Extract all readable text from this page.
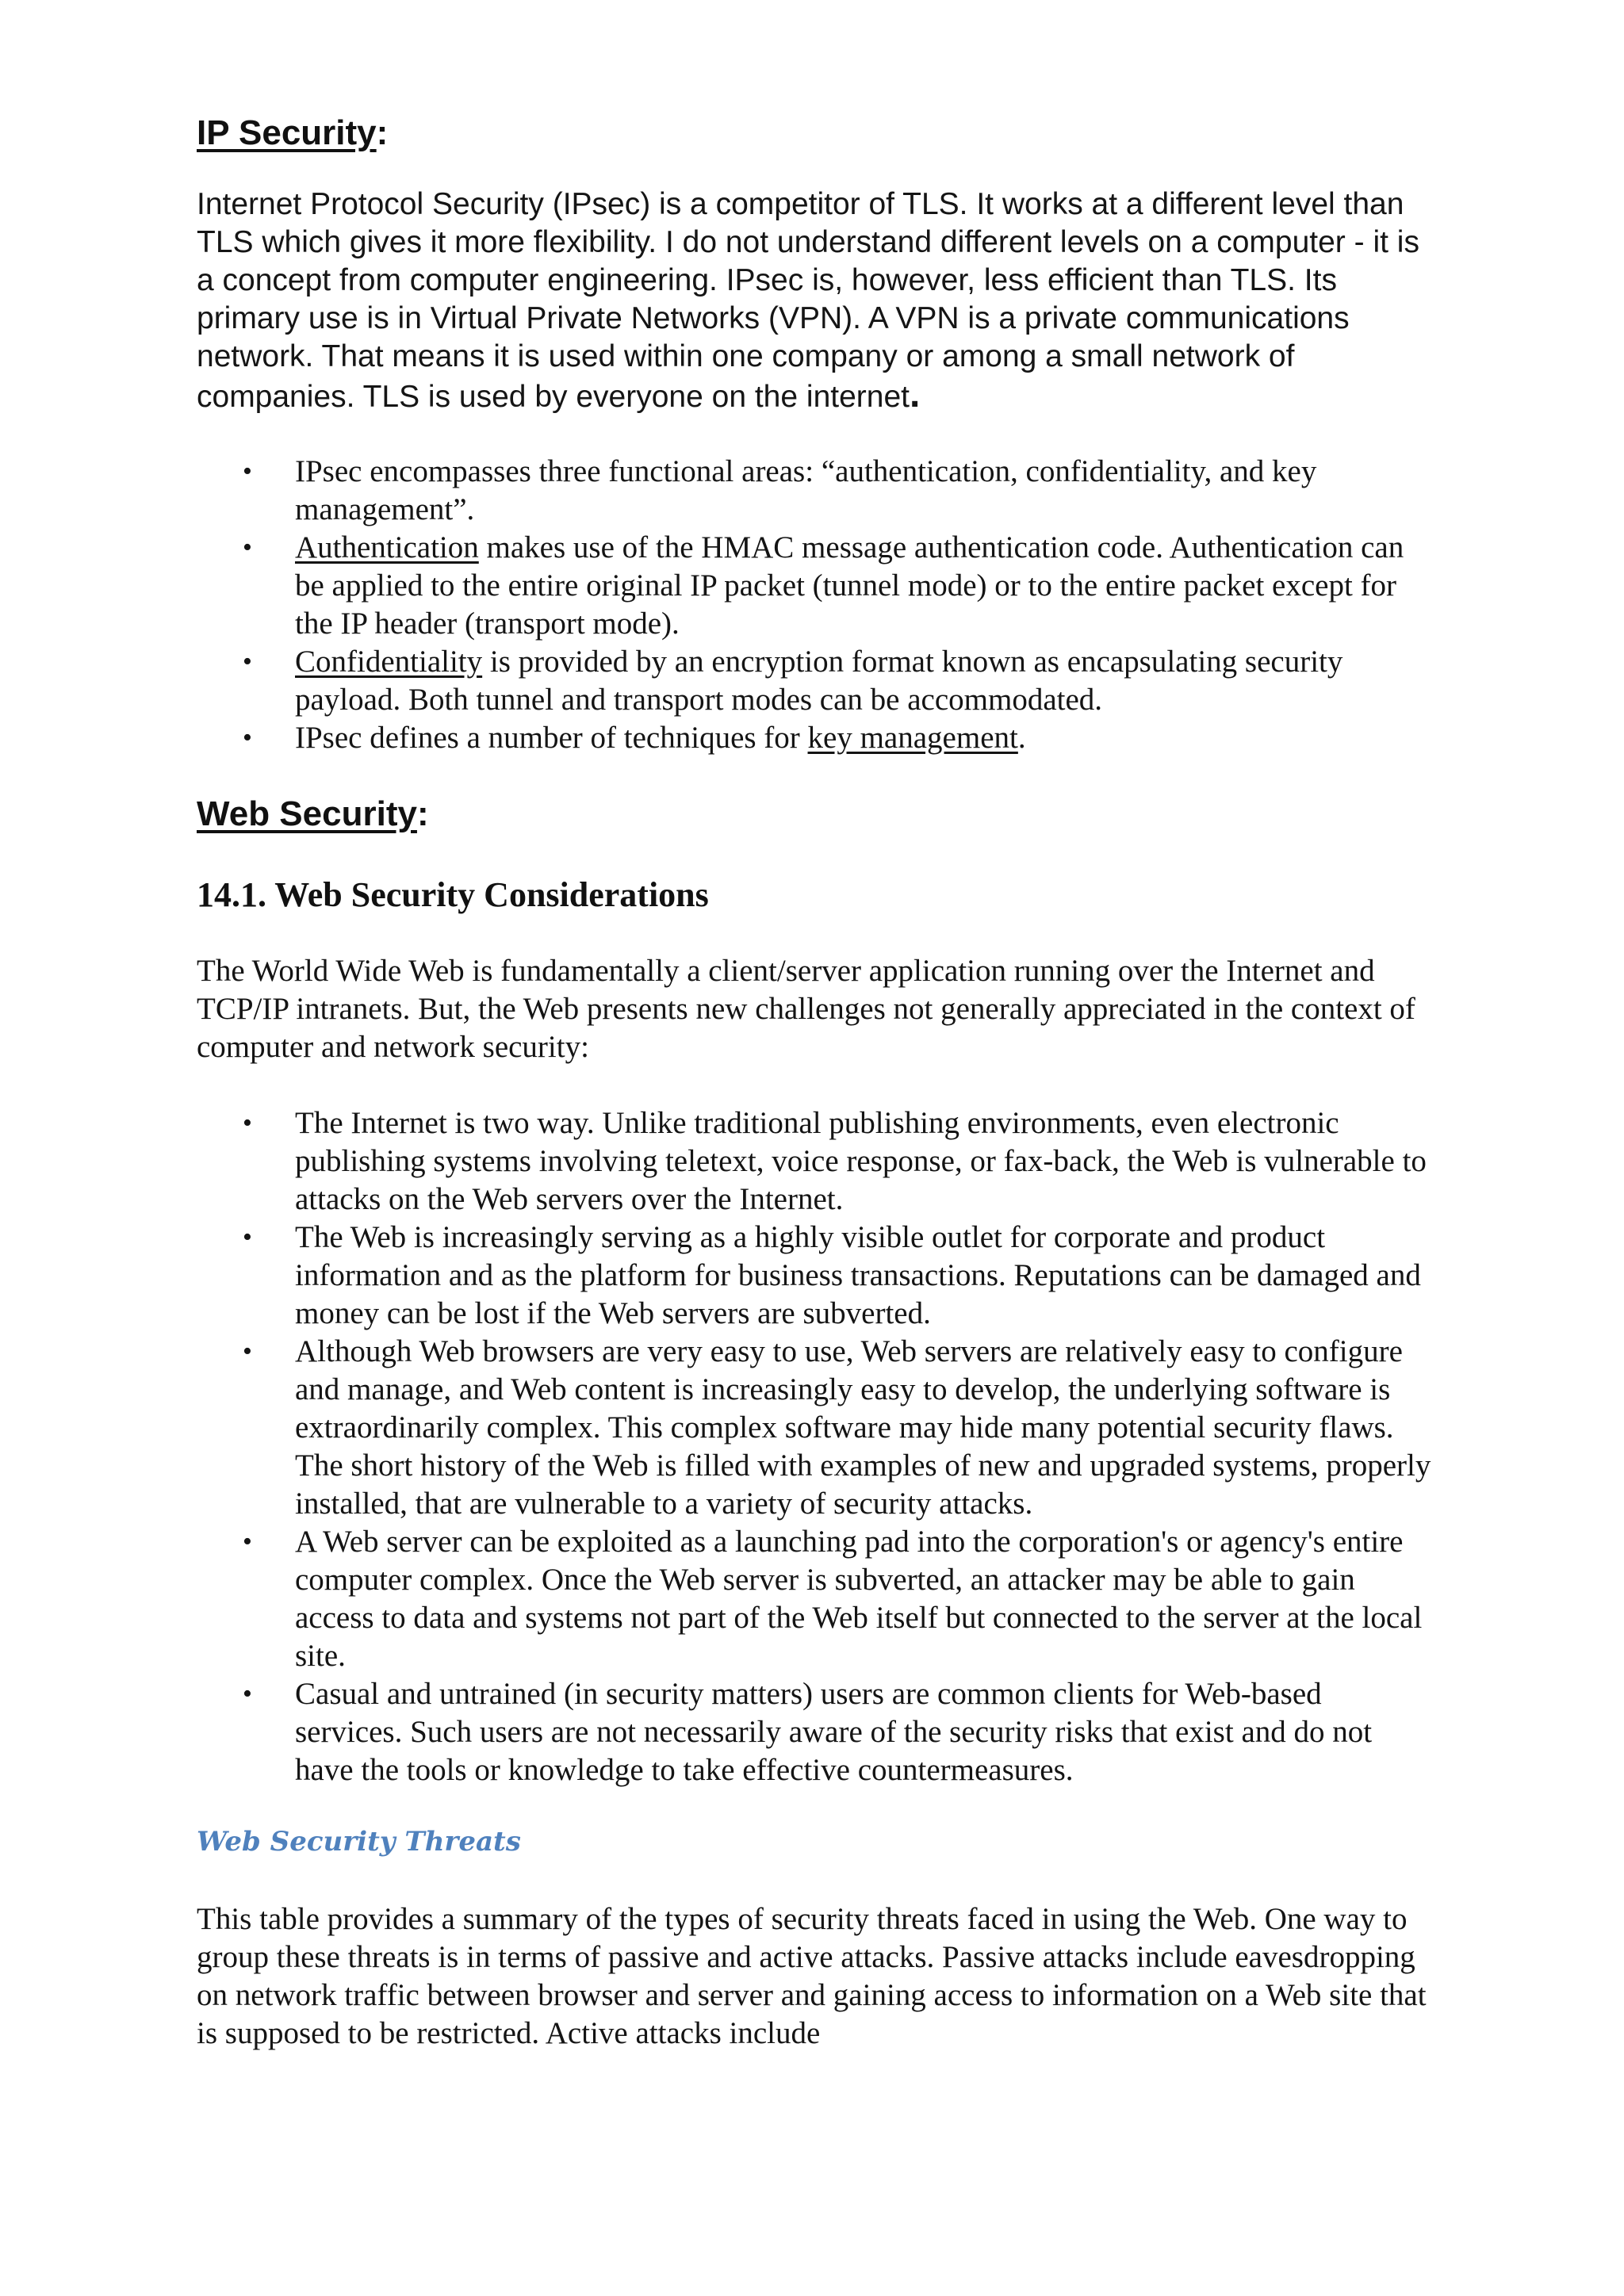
IP Security:

Internet Protocol Security (IPsec) is a competitor of TLS. It works at a different level than TLS which gives it more flexibility. I do not understand different levels on a computer - it is a concept from computer engineering. IPsec is, however, less efficient than TLS. Its primary use is in Virtual Private Networks (VPN). A VPN is a private communications network. That means it is used within one company or among a small network of companies. TLS is used by everyone on the internet.

• IPsec encompasses three functional areas: “authentication, confidentiality, and key management”.
• Authentication makes use of the HMAC message authentication code. Authentication can be applied to the entire original IP packet (tunnel mode) or to the entire packet except for the IP header (transport mode).
• Confidentiality is provided by an encryption format known as encapsulating security payload. Both tunnel and transport modes can be accommodated.
• IPsec defines a number of techniques for key management.
Web Security:
14.1. Web Security Considerations

The World Wide Web is fundamentally a client/server application running over the Internet and TCP/IP intranets. But, the Web presents new challenges not generally appreciated in the context of computer and network security:

• The Internet is two way. Unlike traditional publishing environments, even electronic publishing systems involving teletext, voice response, or fax-back, the Web is vulnerable to attacks on the Web servers over the Internet.
• The Web is increasingly serving as a highly visible outlet for corporate and product information and as the platform for business transactions. Reputations can be damaged and money can be lost if the Web servers are subverted.
• Although Web browsers are very easy to use, Web servers are relatively easy to configure and manage, and Web content is increasingly easy to develop, the underlying software is extraordinarily complex. This complex software may hide many potential security flaws. The short history of the Web is filled with examples of new and upgraded systems, properly installed, that are vulnerable to a variety of security attacks.
• A Web server can be exploited as a launching pad into the corporation's or agency's entire computer complex. Once the Web server is subverted, an attacker may be able to gain access to data and systems not part of the Web itself but connected to the server at the local site.
• Casual and untrained (in security matters) users are common clients for Web-based services. Such users are not necessarily aware of the security risks that exist and do not have the tools or knowledge to take effective countermeasures.
Web Security Threats

This table provides a summary of the types of security threats faced in using the Web. One way to group these threats is in terms of passive and active attacks. Passive attacks include eavesdropping on network traffic between browser and server and gaining access to information on a Web site that is supposed to be restricted. Active attacks include
